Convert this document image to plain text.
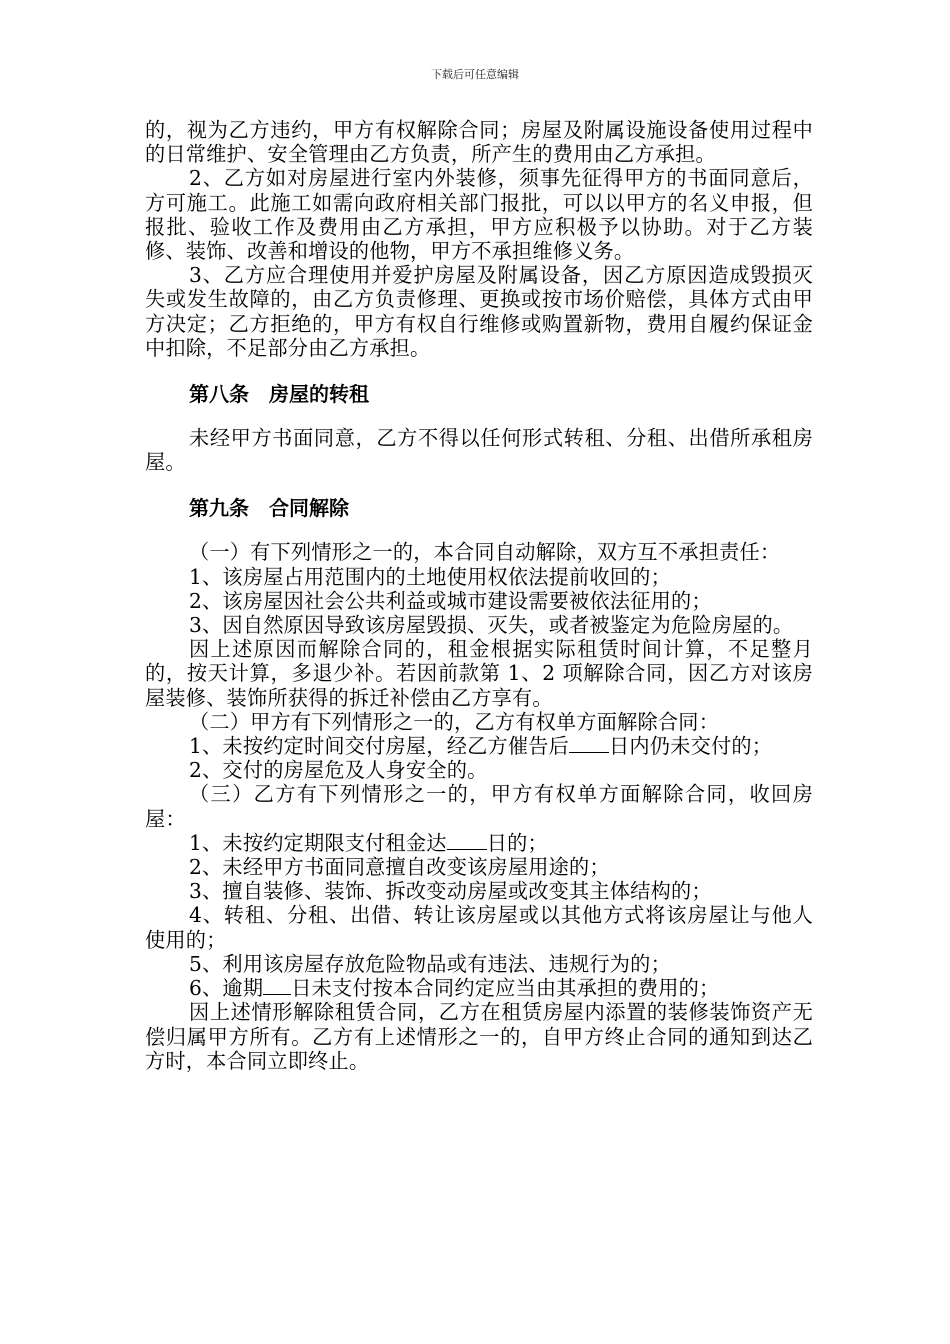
下载后可任意编辑

的，视为乙方违约，甲方有权解除合同；房屋及附属设施设备使用过程中的日常维护、安全管理由乙方负责，所产生的费用由乙方承担。

2、乙方如对房屋进行室内外装修，须事先征得甲方的书面同意后，方可施工。此施工如需向政府相关部门报批，可以以甲方的名义申报，但报批、验收工作及费用由乙方承担，甲方应积极予以协助。对于乙方装修、装饰、改善和增设的他物，甲方不承担维修义务。

3、乙方应合理使用并爱护房屋及附属设备，因乙方原因造成毁损灭失或发生故障的，由乙方负责修理、更换或按市场价赔偿，具体方式由甲方决定；乙方拒绝的，甲方有权自行维修或购置新物，费用自履约保证金中扣除，不足部分由乙方承担。

第八条　房屋的转租

未经甲方书面同意，乙方不得以任何形式转租、分租、出借所承租房屋。

第九条　合同解除

（一）有下列情形之一的，本合同自动解除，双方互不承担责任：

1、该房屋占用范围内的土地使用权依法提前收回的；

2、该房屋因社会公共利益或城市建设需要被依法征用的；

3、因自然原因导致该房屋毁损、灭失，或者被鉴定为危险房屋的。

因上述原因而解除合同的，租金根据实际租赁时间计算，不足整月的，按天计算，多退少补。若因前款第 1、2 项解除合同，因乙方对该房屋装修、装饰所获得的拆迁补偿由乙方享有。

（二）甲方有下列情形之一的，乙方有权单方面解除合同：

1、未按约定时间交付房屋，经乙方催告后 日内仍未交付的；

2、交付的房屋危及人身安全的。

（三）乙方有下列情形之一的，甲方有权单方面解除合同，收回房屋：

1、未按约定期限支付租金达 日的；

2、未经甲方书面同意擅自改变该房屋用途的；

3、擅自装修、装饰、拆改变动房屋或改变其主体结构的；

4、转租、分租、出借、转让该房屋或以其他方式将该房屋让与他人使用的；

5、利用该房屋存放危险物品或有违法、违规行为的；

6、逾期 日未支付按本合同约定应当由其承担的费用的；

因上述情形解除租赁合同，乙方在租赁房屋内添置的装修装饰资产无偿归属甲方所有。乙方有上述情形之一的，自甲方终止合同的通知到达乙方时，本合同立即终止。
